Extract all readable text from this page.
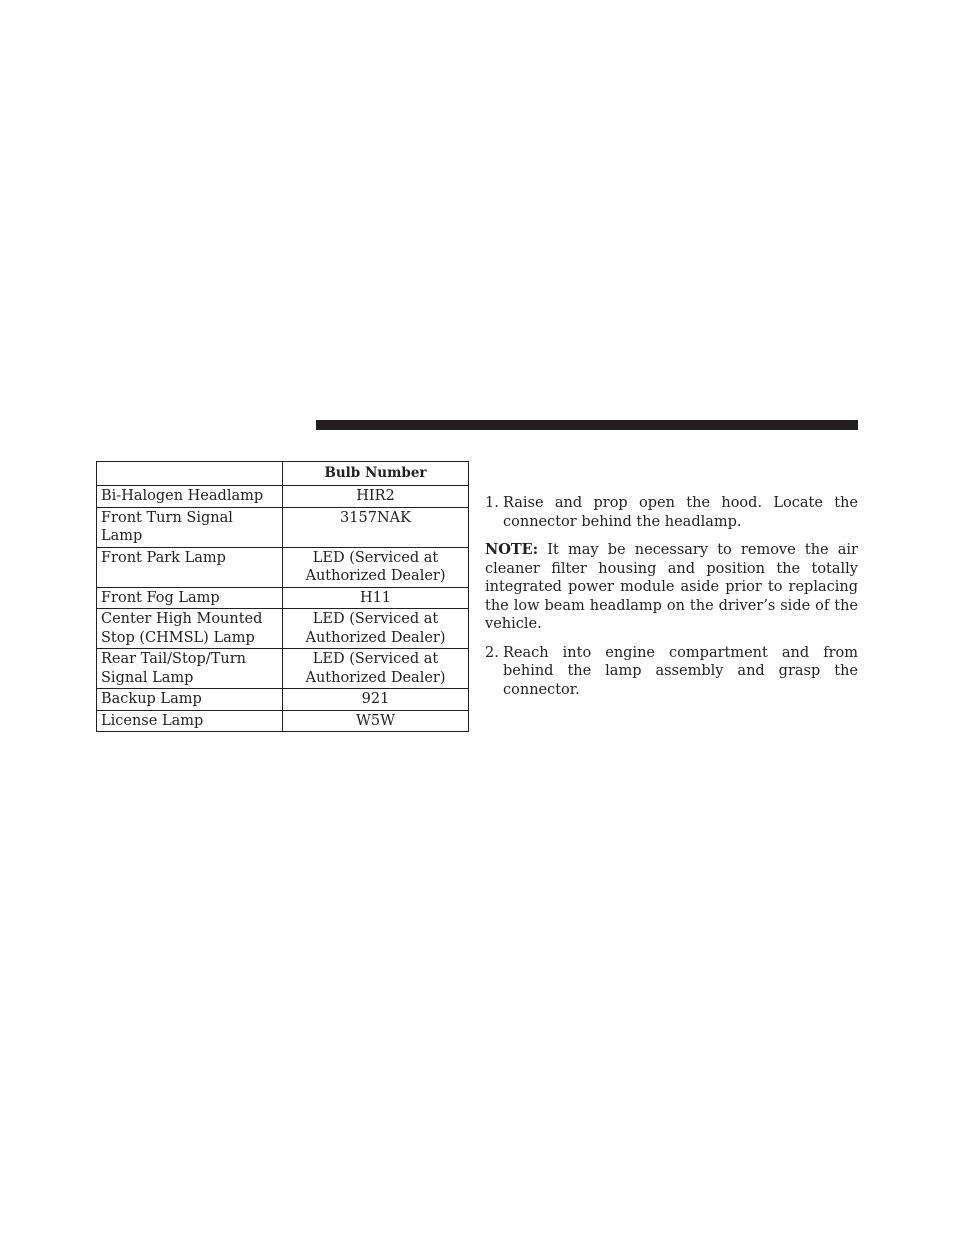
	Bulb Number
Bi-Halogen Headlamp	HIR2
Front Turn Signal Lamp	3157NAK
Front Park Lamp	LED (Serviced at Authorized Dealer)
Front Fog Lamp	H11
Center High Mounted Stop (CHMSL) Lamp	LED (Serviced at Authorized Dealer)
Rear Tail/Stop/Turn Signal Lamp	LED (Serviced at Authorized Dealer)
Backup Lamp	921
License Lamp	W5W
1. Raise and prop open the hood. Locate the connector behind the headlamp.
NOTE: It may be necessary to remove the air cleaner filter housing and position the totally integrated power module aside prior to replacing the low beam headlamp on the driver’s side of the vehicle.
2. Reach into engine compartment and from behind the lamp assembly and grasp the connector.
